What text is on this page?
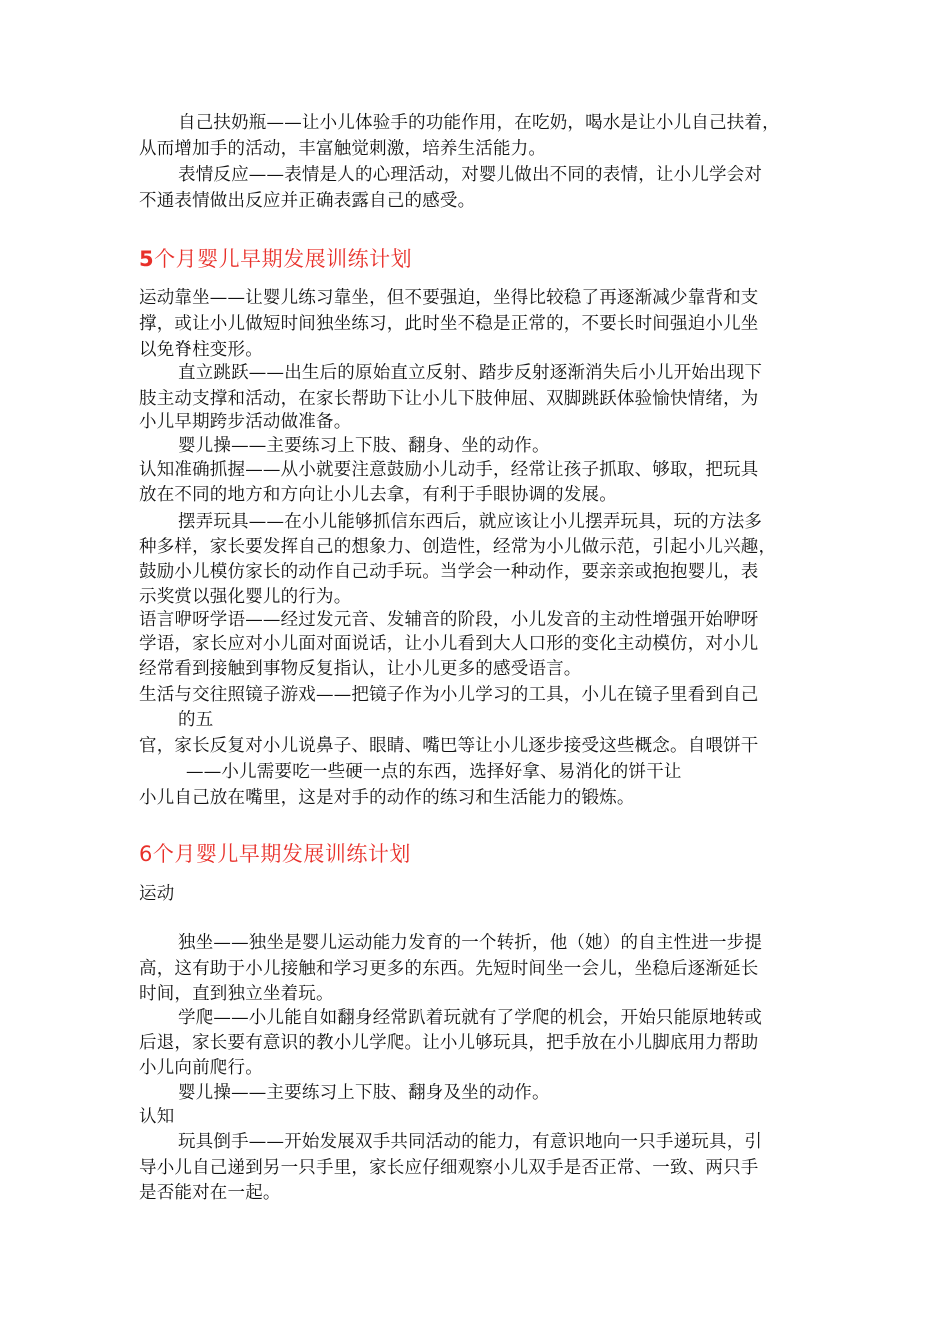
自己扶奶瓶——让小儿体验手的功能作用，在吃奶，喝水是让小儿自己扶着，
从而增加手的活动，丰富触觉刺激，培养生活能力。
表情反应——表情是人的心理活动，对婴儿做出不同的表情，让小儿学会对
不通表情做出反应并正确表露自己的感受。
5个月婴儿早期发展训练计划
运动靠坐——让婴儿练习靠坐，但不要强迫，坐得比较稳了再逐渐减少靠背和支
撑，或让小儿做短时间独坐练习，此时坐不稳是正常的，不要长时间强迫小儿坐
以免脊柱变形。
直立跳跃——出生后的原始直立反射、踏步反射逐渐消失后小儿开始出现下
肢主动支撑和活动，在家长帮助下让小儿下肢伸屈、双脚跳跃体验愉快情绪，为
小儿早期跨步活动做准备。
婴儿操——主要练习上下肢、翻身、坐的动作。
认知准确抓握——从小就要注意鼓励小儿动手，经常让孩子抓取、够取，把玩具
放在不同的地方和方向让小儿去拿，有利于手眼协调的发展。
摆弄玩具——在小儿能够抓信东西后，就应该让小儿摆弄玩具，玩的方法多
种多样，家长要发挥自己的想象力、创造性，经常为小儿做示范，引起小儿兴趣，
鼓励小儿模仿家长的动作自己动手玩。当学会一种动作，要亲亲或抱抱婴儿，表
示奖赏以强化婴儿的行为。
语言咿呀学语——经过发元音、发辅音的阶段，小儿发音的主动性增强开始咿呀
学语，家长应对小儿面对面说话，让小儿看到大人口形的变化主动模仿，对小儿
经常看到接触到事物反复指认，让小儿更多的感受语言。
生活与交往照镜子游戏——把镜子作为小儿学习的工具，小儿在镜子里看到自己
的五
官，家长反复对小儿说鼻子、眼睛、嘴巴等让小儿逐步接受这些概念。自喂饼干
——小儿需要吃一些硬一点的东西，选择好拿、易消化的饼干让
小儿自己放在嘴里，这是对手的动作的练习和生活能力的锻炼。
6个月婴儿早期发展训练计划
运动
独坐——独坐是婴儿运动能力发育的一个转折，他（她）的自主性进一步提
高，这有助于小儿接触和学习更多的东西。先短时间坐一会儿，坐稳后逐渐延长
时间，直到独立坐着玩。
学爬——小儿能自如翻身经常趴着玩就有了学爬的机会，开始只能原地转或
后退，家长要有意识的教小儿学爬。让小儿够玩具，把手放在小儿脚底用力帮助
小儿向前爬行。
婴儿操——主要练习上下肢、翻身及坐的动作。
认知
玩具倒手——开始发展双手共同活动的能力，有意识地向一只手递玩具，引
导小儿自己递到另一只手里，家长应仔细观察小儿双手是否正常、一致、两只手
是否能对在一起。
